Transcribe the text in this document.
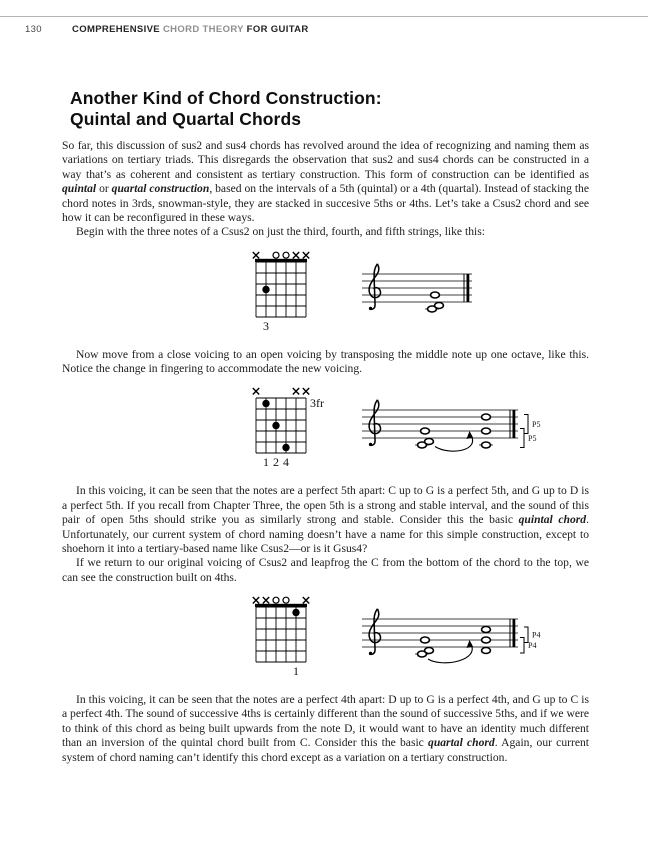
130	COMPREHENSIVE CHORD THEORY FOR GUITAR
Another Kind of Chord Construction:
Quintal and Quartal Chords

So far, this discussion of sus2 and sus4 chords has revolved around the idea of recognizing and naming them as variations on tertiary triads. This disregards the observation that sus2 and sus4 chords can be constructed in a way that’s as coherent and consistent as tertiary construction. This form of construction can be identified as quintal or quartal construction, based on the intervals of a 5th (quintal) or a 4th (quartal). Instead of stacking the chord notes in 3rds, snowman-style, they are stacked in succesive 5ths or 4ths. Let’s take a Csus2 chord and see how it can be reconfigured in these ways.

Begin with the three notes of a Csus2 on just the third, fourth, and fifth strings, like this:

3

Now move from a close voicing to an open voicing by transposing the middle note up one octave, like this. Notice the change in fingering to accommodate the new voicing.

3fr
1 2 4
P5
P5

In this voicing, it can be seen that the notes are a perfect 5th apart: C up to G is a perfect 5th, and G up to D is a perfect 5th. If you recall from Chapter Three, the open 5th is a strong and stable interval, and the sound of this pair of open 5ths should strike you as similarly strong and stable. Consider this the basic quintal chord. Unfortunately, our current system of chord naming doesn’t have a name for this simple construction, except to shoehorn it into a tertiary-based name like Csus2—or is it Gsus4?

If we return to our original voicing of Csus2 and leapfrog the C from the bottom of the chord to the top, we can see the construction built on 4ths.

1
P4
P4

In this voicing, it can be seen that the notes are a perfect 4th apart: D up to G is a perfect 4th, and G up to C is a perfect 4th. The sound of successive 4ths is certainly different than the sound of successive 5ths, and if we were to think of this chord as being built upwards from the note D, it would want to have an identity much different than an inversion of the quintal chord built from C. Consider this the basic quartal chord. Again, our current system of chord naming can’t identify this chord except as a variation on a tertiary construction.
